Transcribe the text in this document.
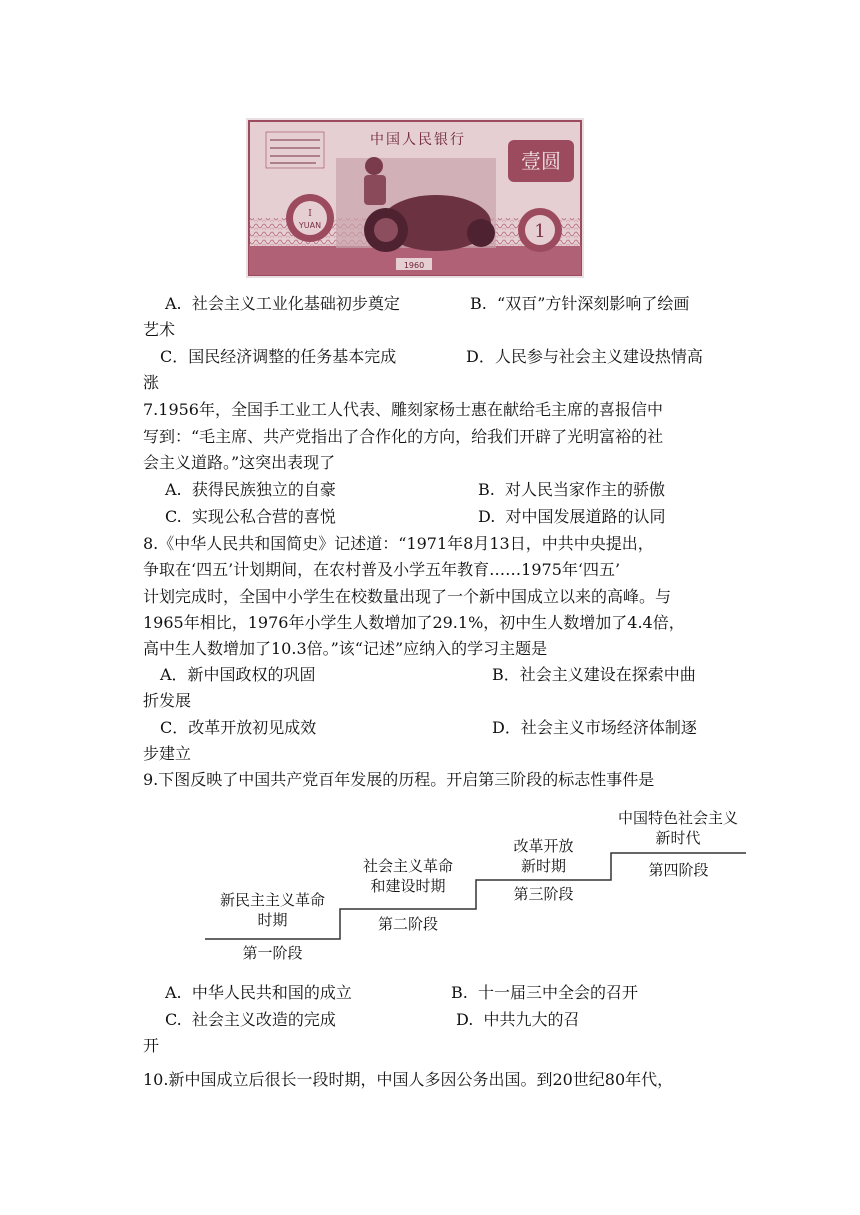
I
YUAN	1
壹圆
中国人民银行
1960
A.  社会主义工业化基础初步奠定	B.  “双百”方针深刻影响了绘画
艺术
C．国民经济调整的任务基本完成	D．人民参与社会主义建设热情高
涨
7.1956年，全国手工业工人代表、雕刻家杨士惠在献给毛主席的喜报信中
写到：“毛主席、共产党指出了合作化的方向，给我们开辟了光明富裕的社
会主义道路。”这突出表现了
A.  获得民族独立的自豪	B.  对人民当家作主的骄傲
C.  实现公私合营的喜悦	D.  对中国发展道路的认同
8.《中华人民共和国简史》记述道：“1971年8月13日，中共中央提出，
争取在‘四五’计划期间，在农村普及小学五年教育……1975年‘四五’
计划完成时，全国中小学生在校数量出现了一个新中国成立以来的高峰。与
1965年相比，1976年小学生人数增加了29.1%，初中生人数增加了4.4倍，
高中生人数增加了10.3倍。”该“记述”应纳入的学习主题是
A．新中国政权的巩固	B．社会主义建设在探索中曲
折发展
C．改革开放初见成效	D．社会主义市场经济体制逐
步建立
9.下图反映了中国共产党百年发展的历程。开启第三阶段的标志性事件是
新民主主义革命
时期
第一阶段
社会主义革命
和建设时期
第二阶段
改革开放
新时期
第三阶段
中国特色社会主义
新时代
第四阶段
A.  中华人民共和国的成立	B.  十一届三中全会的召开
C.  社会主义改造的完成	D.  中共九大的召
开
10.新中国成立后很长一段时期，中国人多因公务出国。到20世纪80年代，
